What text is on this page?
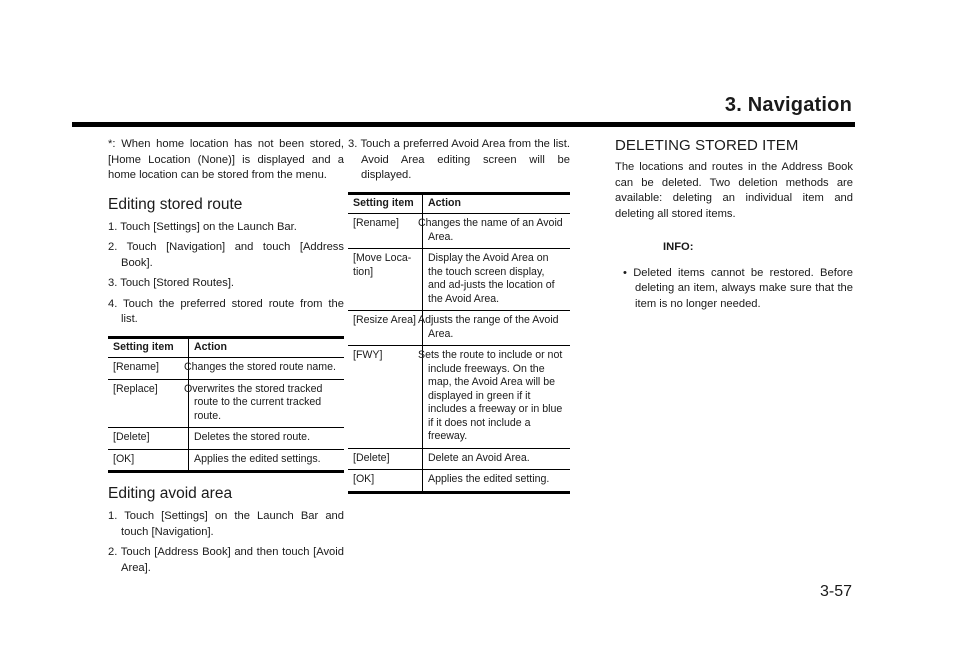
3. Navigation

*: When home location has not been stored, [Home Location (None)] is displayed and a home location can be stored from the menu.

Editing stored route
1. Touch [Settings] on the Launch Bar.
2. Touch [Navigation] and touch [Address Book].
3. Touch [Stored Routes].
4. Touch the preferred stored route from the list.
Setting item	Action
[Rename]	Changes the stored route name.
[Replace]	Overwrites the stored tracked route to the current tracked route.
[Delete]	Deletes the stored route.
[OK]	Applies the edited settings.
Editing avoid area
1. Touch [Settings] on the Launch Bar and touch [Navigation].
2. Touch [Address Book] and then touch [Avoid Area].
3. Touch a preferred Avoid Area from the list. Avoid Area editing screen will be displayed.
Setting item	Action
[Rename]	Changes the name of an Avoid Area.
[Move Loca-tion]	Display the Avoid Area on the touch screen display, and ad-justs the location of the Avoid Area.
[Resize Area]	Adjusts the range of the Avoid Area.
[FWY]	Sets the route to include or not include freeways. On the map, the Avoid Area will be displayed in green if it includes a freeway or in blue if it does not include a freeway.
[Delete]	Delete an Avoid Area.
[OK]	Applies the edited setting.
DELETING STORED ITEM

The locations and routes in the Address Book can be deleted. Two deletion methods are available: deleting an individual item and deleting all stored items.

INFO:
• Deleted items cannot be restored. Before deleting an item, always make sure that the item is no longer needed.
3-57
